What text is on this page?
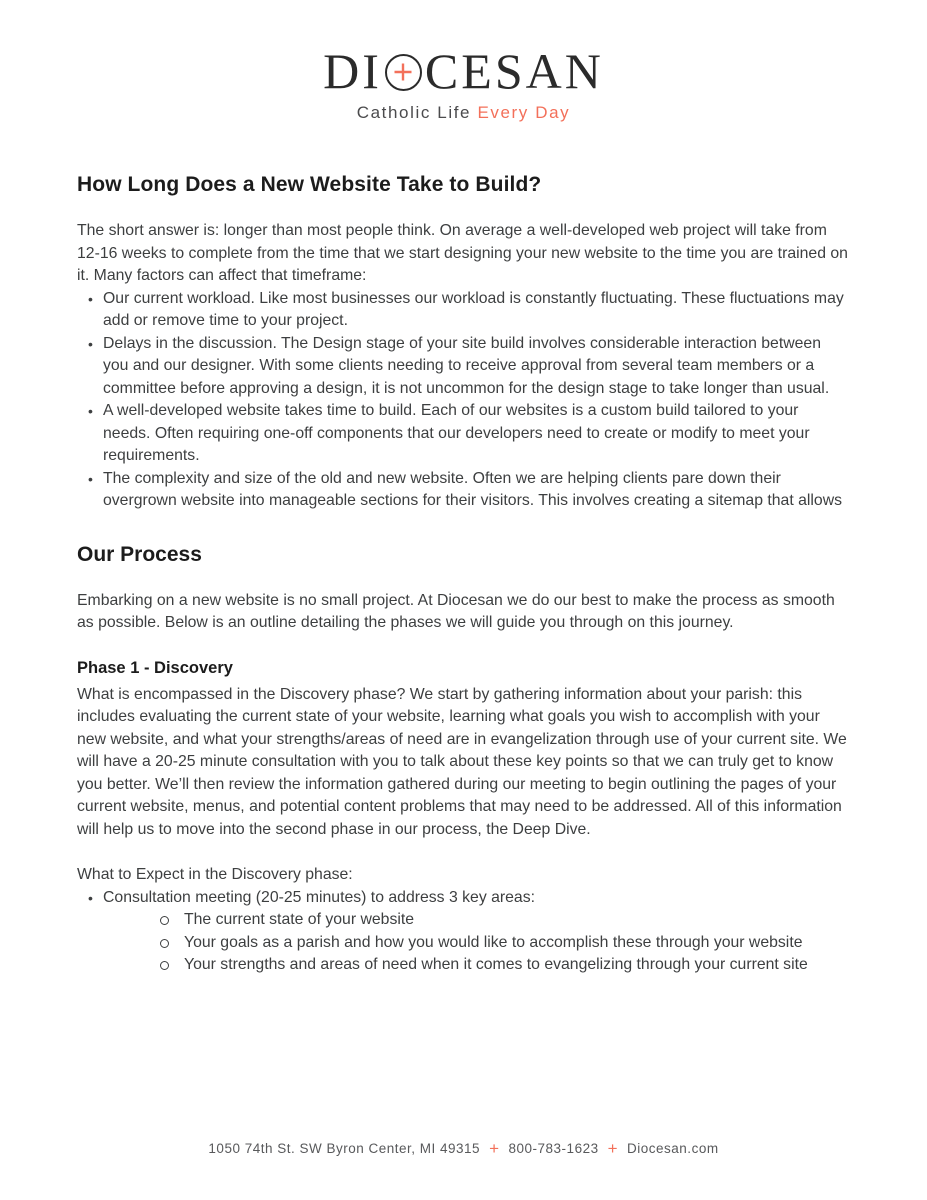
DI CESAN
Catholic Life Every Day
How Long Does a New Website Take to Build?

The short answer is: longer than most people think. On average a well-developed web project will take from 12-16 weeks to complete from the time that we start designing your new website to the time you are trained on it. Many factors can affect that timeframe:

• Our current workload. Like most businesses our workload is constantly fluctuating. These fluctuations may add or remove time to your project.
• Delays in the discussion. The Design stage of your site build involves considerable interaction between you and our designer. With some clients needing to receive approval from several team members or a committee before approving a design, it is not uncommon for the design stage to take longer than usual.
• A well-developed website takes time to build. Each of our websites is a custom build tailored to your needs. Often requiring one-off components that our developers need to create or modify to meet your requirements.
• The complexity and size of the old and new website. Often we are helping clients pare down their overgrown website into manageable sections for their visitors. This involves creating a sitemap that allows
Our Process

Embarking on a new website is no small project. At Diocesan we do our best to make the process as smooth as possible. Below is an outline detailing the phases we will guide you through on this journey.

Phase 1 - Discovery

What is encompassed in the Discovery phase? We start by gathering information about your parish: this includes evaluating the current state of your website, learning what goals you wish to accomplish with your new website, and what your strengths/areas of need are in evangelization through use of your current site. We will have a 20-25 minute consultation with you to talk about these key points so that we can truly get to know you better. We’ll then review the information gathered during our meeting to begin outlining the pages of your current website, menus, and potential content problems that may need to be addressed. All of this information will help us to move into the second phase in our process, the Deep Dive.

What to Expect in the Discovery phase:

• Consultation meeting (20-25 minutes) to address 3 key areas:
The current state of your website
Your goals as a parish and how you would like to accomplish these through your website
Your strengths and areas of need when it comes to evangelizing through your current site
1050 74th St. SW Byron Center, MI 49315 + 800-783-1623 + Diocesan.com
